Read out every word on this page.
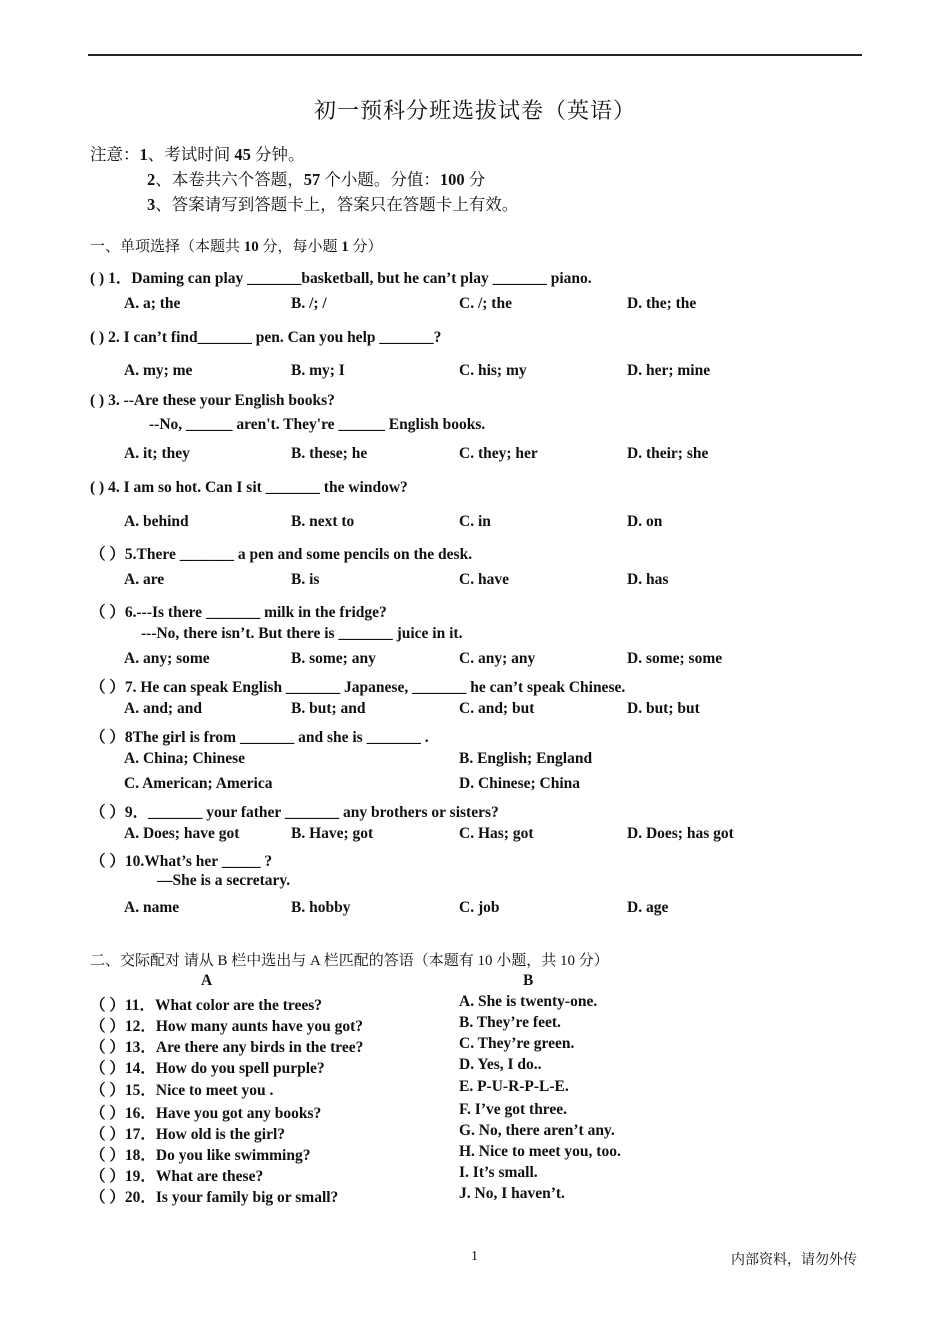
初一预科分班选拔试卷（英语）
注意：1、考试时间 45 分钟。
2、本卷共六个答题，57 个小题。分值：100 分
3、答案请写到答题卡上，答案只在答题卡上有效。
一、单项选择（本题共 10 分，每小题 1 分）
( ) 1．Daming can play _______basketball, but he can’t play _______ piano.
A. a; the	B. /; /	C. /; the	D. the; the
( ) 2. I can’t find_______ pen. Can you help _______?
A. my; me	B. my; I	C. his; my	D. her; mine
( ) 3. --Are these your English books?
--No, ______ aren't. They're ______ English books.
A. it; they	B. these; he	C. they; her	D. their; she
( ) 4. I am so hot. Can I sit _______ the window?
A. behind	B. next to	C. in	D. on
（ ）5.There _______ a pen and some pencils on the desk.
A. are	B. is	C. have	D. has
（ ）6.---Is there _______ milk in the fridge?
---No, there isn’t. But there is _______ juice in it.
A. any; some	B. some; any	C. any; any	D. some; some
（ ）7. He can speak English _______ Japanese, _______ he can’t speak Chinese.
A. and; and	B. but; and	C. and; but	D. but; but
（ ）8The girl is from _______ and she is _______ .
A. China; Chinese	B. English; England
C. American; America	D. Chinese; China
（ ）9．_______ your father _______ any brothers or sisters?
A. Does; have got	B. Have; got	C. Has; got	D. Does; has got
（ ）10.What’s her _____ ?
—She is a secretary.
A. name	B. hobby	C. job	D. age
二、交际配对 请从 B 栏中选出与 A 栏匹配的答语（本题有 10 小题，共 10 分）
A	B
（ ）11．What color are the trees?	A. She is twenty-one.
（ ）12．How many aunts have you got?	B. They’re feet.
（ ）13．Are there any birds in the tree?	C. They’re green.
（ ）14．How do you spell purple?	D. Yes, I do..
（ ）15．Nice to meet you .	E. P-U-R-P-L-E.
（ ）16．Have you got any books?	F. I’ve got three.
（ ）17．How old is the girl?	G. No, there aren’t any.
（ ）18．Do you like swimming?	H. Nice to meet you, too.
（ ）19．What are these?	I. It’s small.
（ ）20．Is your family big or small?	J. No, I haven’t.
1	内部资料，请勿外传
